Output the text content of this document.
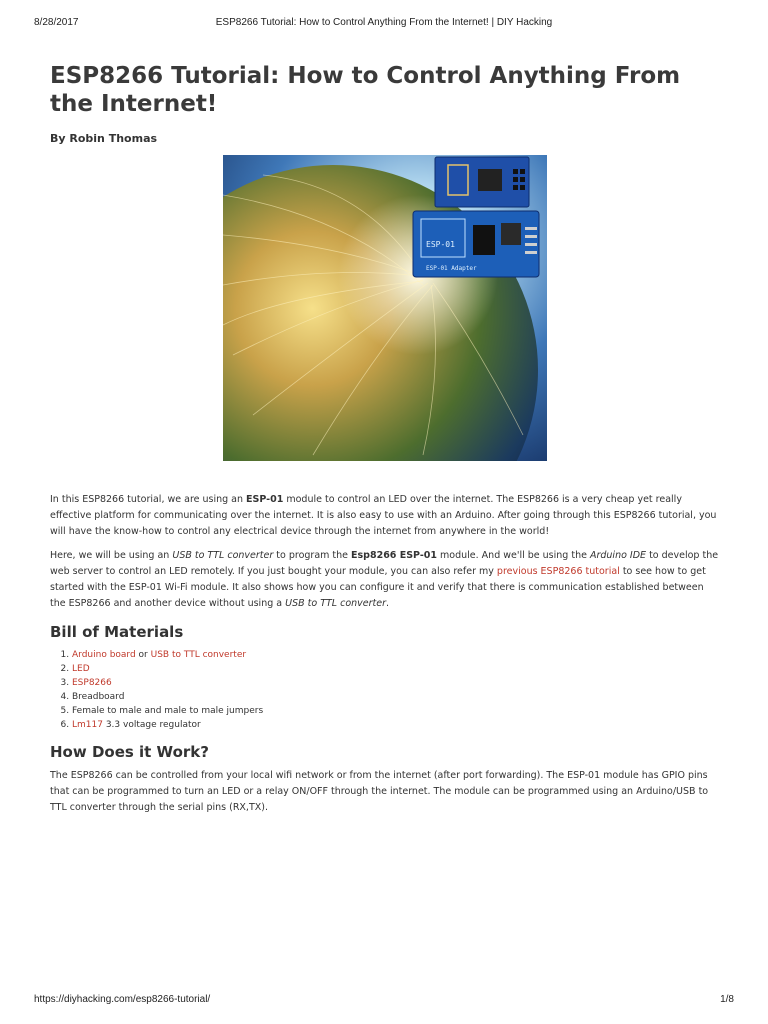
8/28/2017	ESP8266 Tutorial: How to Control Anything From the Internet! | DIY Hacking
ESP8266 Tutorial: How to Control Anything From the Internet!
By Robin Thomas
ESP-01
ESP-01 Adapter

In this ESP8266 tutorial, we are using an ESP-01 module to control an LED over the internet. The ESP8266 is a very cheap yet really effective platform for communicating over the internet. It is also easy to use with an Arduino. After going through this ESP8266 tutorial, you will have the know-how to control any electrical device through the internet from anywhere in the world!

Here, we will be using an USB to TTL converter to program the Esp8266 ESP-01 module. And we'll be using the Arduino IDE to develop the web server to control an LED remotely. If you just bought your module, you can also refer my previous ESP8266 tutorial to see how to get started with the ESP-01 Wi-Fi module. It also shows how you can configure it and verify that there is communication established between the ESP8266 and another device without using a USB to TTL converter.

Bill of Materials
1. Arduino board or USB to TTL converter
2. LED
3. ESP8266
4. Breadboard
5. Female to male and male to male jumpers
6. Lm117 3.3 voltage regulator
How Does it Work?

The ESP8266 can be controlled from your local wifi network or from the internet (after port forwarding). The ESP-01 module has GPIO pins that can be programmed to turn an LED or a relay ON/OFF through the internet. The module can be programmed using an Arduino/USB to TTL converter through the serial pins (RX,TX).

https://diyhacking.com/esp8266-tutorial/	1/8
